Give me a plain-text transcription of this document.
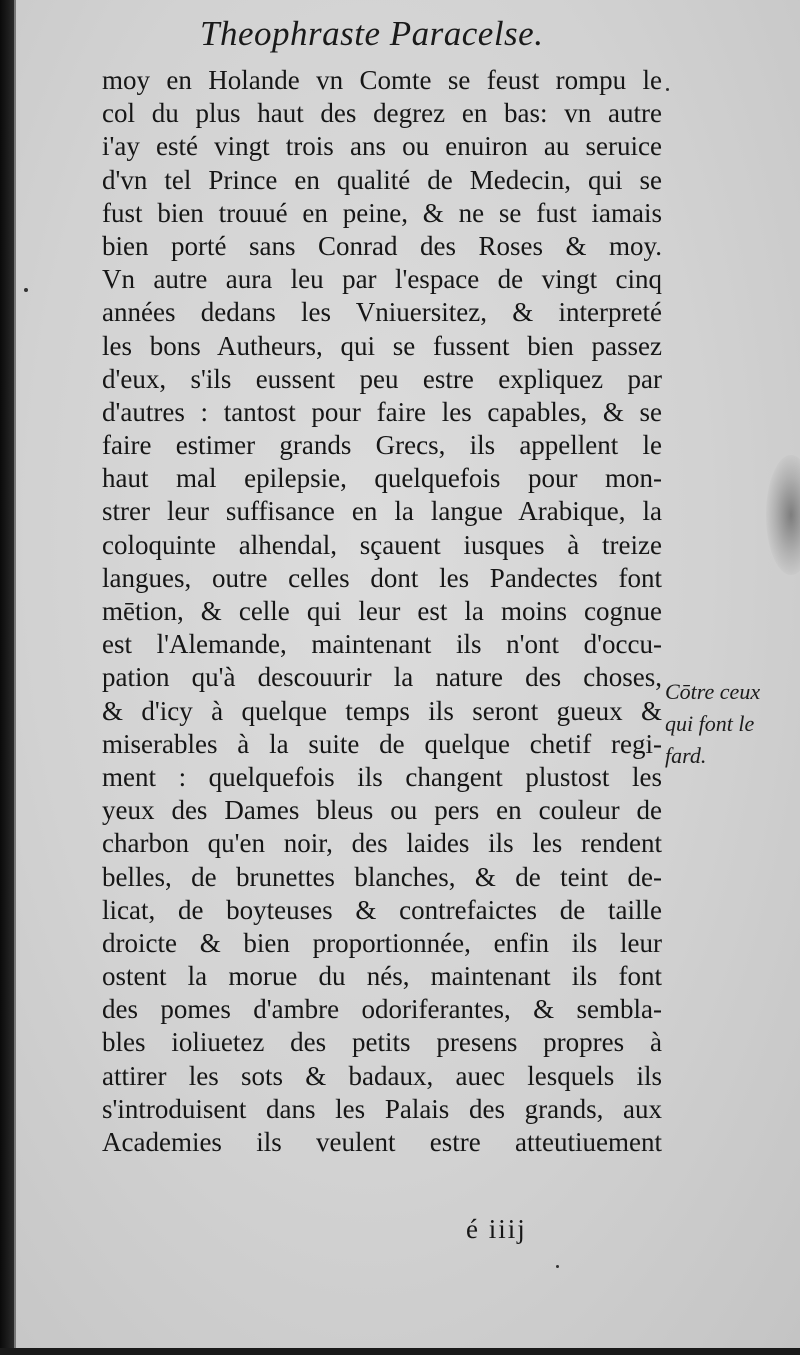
Theophraste Paracelse.
moy en Holande vn Comte se feust rompu le
col du plus haut des degrez en bas: vn autre
i'ay esté vingt trois ans ou enuiron au seruice
d'vn tel Prince en qualité de Medecin, qui se
fust bien trouué en peine, & ne se fust iamais
bien porté sans Conrad des Roses & moy.
Vn autre aura leu par l'espace de vingt cinq
années dedans les Vniuersitez, & interpreté
les bons Autheurs, qui se fussent bien passez
d'eux, s'ils eussent peu estre expliquez par
d'autres : tantost pour faire les capables, & se
faire estimer grands Grecs, ils appellent le
haut mal epilepsie, quelquefois pour mon-
strer leur suffisance en la langue Arabique, la
coloquinte alhendal, sçauent iusques à treize
langues, outre celles dont les Pandectes font
mētion, & celle qui leur est la moins cognue
est l'Alemande, maintenant ils n'ont d'occu-
pation qu'à descouurir la nature des choses,
& d'icy à quelque temps ils seront gueux &
miserables à la suite de quelque chetif regi-
ment : quelquefois ils changent plustost les
yeux des Dames bleus ou pers en couleur de
charbon qu'en noir, des laides ils les rendent
belles, de brunettes blanches, & de teint de-
licat, de boyteuses & contrefaictes de taille
droicte & bien proportionnée, enfin ils leur
ostent la morue du nés, maintenant ils font
des pomes d'ambre odoriferantes, & sembla-
bles ioliuetez des petits presens propres à
attirer les sots & badaux, auec lesquels ils
s'introduisent dans les Palais des grands, aux
Academies ils veulent estre atteutiuement
Cōtre ceux
qui font le
fard.
é iiij
